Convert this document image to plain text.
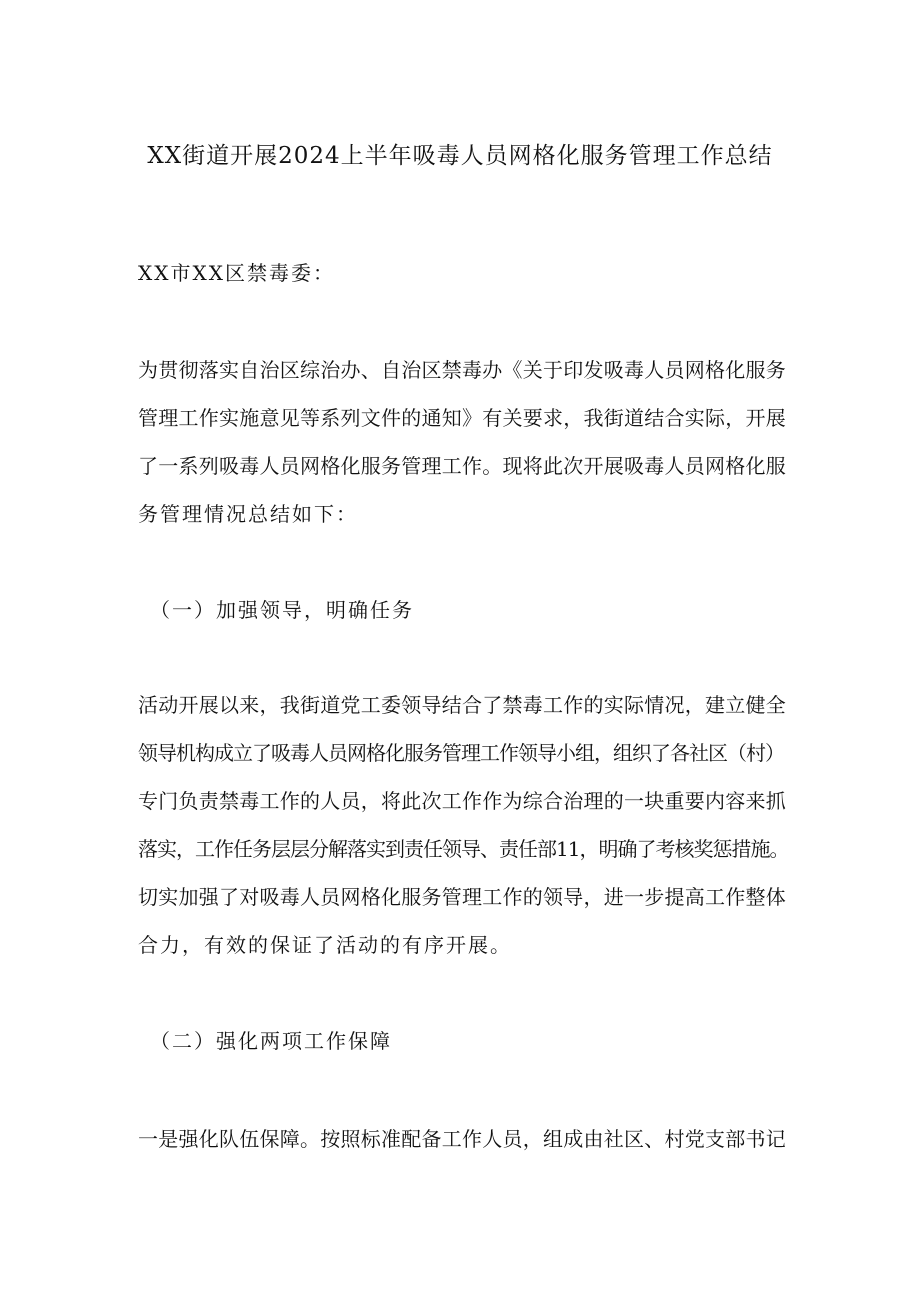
XX街道开展2024上半年吸毒人员网格化服务管理工作总结
XX市XX区禁毒委：
为贯彻落实自治区综治办、自治区禁毒办《关于印发吸毒人员网格化服务
管理工作实施意见等系列文件的通知》有关要求，我街道结合实际，开展
了一系列吸毒人员网格化服务管理工作。现将此次开展吸毒人员网格化服
务管理情况总结如下：
（一）加强领导，明确任务
活动开展以来，我街道党工委领导结合了禁毒工作的实际情况，建立健全
领导机构成立了吸毒人员网格化服务管理工作领导小组，组织了各社区（村）
专门负责禁毒工作的人员，将此次工作作为综合治理的一块重要内容来抓
落实，工作任务层层分解落实到责任领导、责任部11，明确了考核奖惩措施。
切实加强了对吸毒人员网格化服务管理工作的领导，进一步提高工作整体
合力，有效的保证了活动的有序开展。
（二）强化两项工作保障
一是强化队伍保障。按照标准配备工作人员，组成由社区、村党支部书记
